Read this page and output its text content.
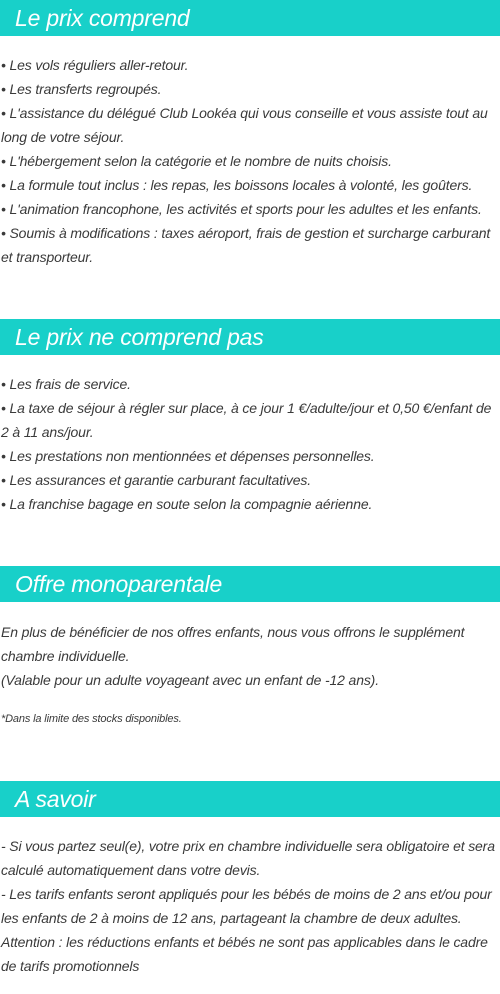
Le prix comprend

• Les vols réguliers aller-retour.

• Les transferts regroupés.

• L'assistance du délégué Club Lookéa qui vous conseille et vous assiste tout au long de votre séjour.

• L'hébergement selon la catégorie et le nombre de nuits choisis.

• La formule tout inclus : les repas, les boissons locales à volonté, les goûters.

• L'animation francophone, les activités et sports pour les adultes et les enfants.

• Soumis à modifications : taxes aéroport, frais de gestion et surcharge carburant et transporteur.

Le prix ne comprend pas

• Les frais de service.

• La taxe de séjour à régler sur place, à ce jour 1 €/adulte/jour et 0,50 €/enfant de 2 à 11 ans/jour.

• Les prestations non mentionnées et dépenses personnelles.

• Les assurances et garantie carburant facultatives.

• La franchise bagage en soute selon la compagnie aérienne.

Offre monoparentale

En plus de bénéficier de nos offres enfants, nous vous offrons le supplément chambre individuelle.

(Valable pour un adulte voyageant avec un enfant de -12 ans).

*Dans la limite des stocks disponibles.

A savoir

- Si vous partez seul(e), votre prix en chambre individuelle sera obligatoire et sera calculé automatiquement dans votre devis.

- Les tarifs enfants seront appliqués pour les bébés de moins de 2 ans et/ou pour les enfants de 2 à moins de 12 ans, partageant la chambre de deux adultes.

Attention : les réductions enfants et bébés ne sont pas applicables dans le cadre de tarifs promotionnels
